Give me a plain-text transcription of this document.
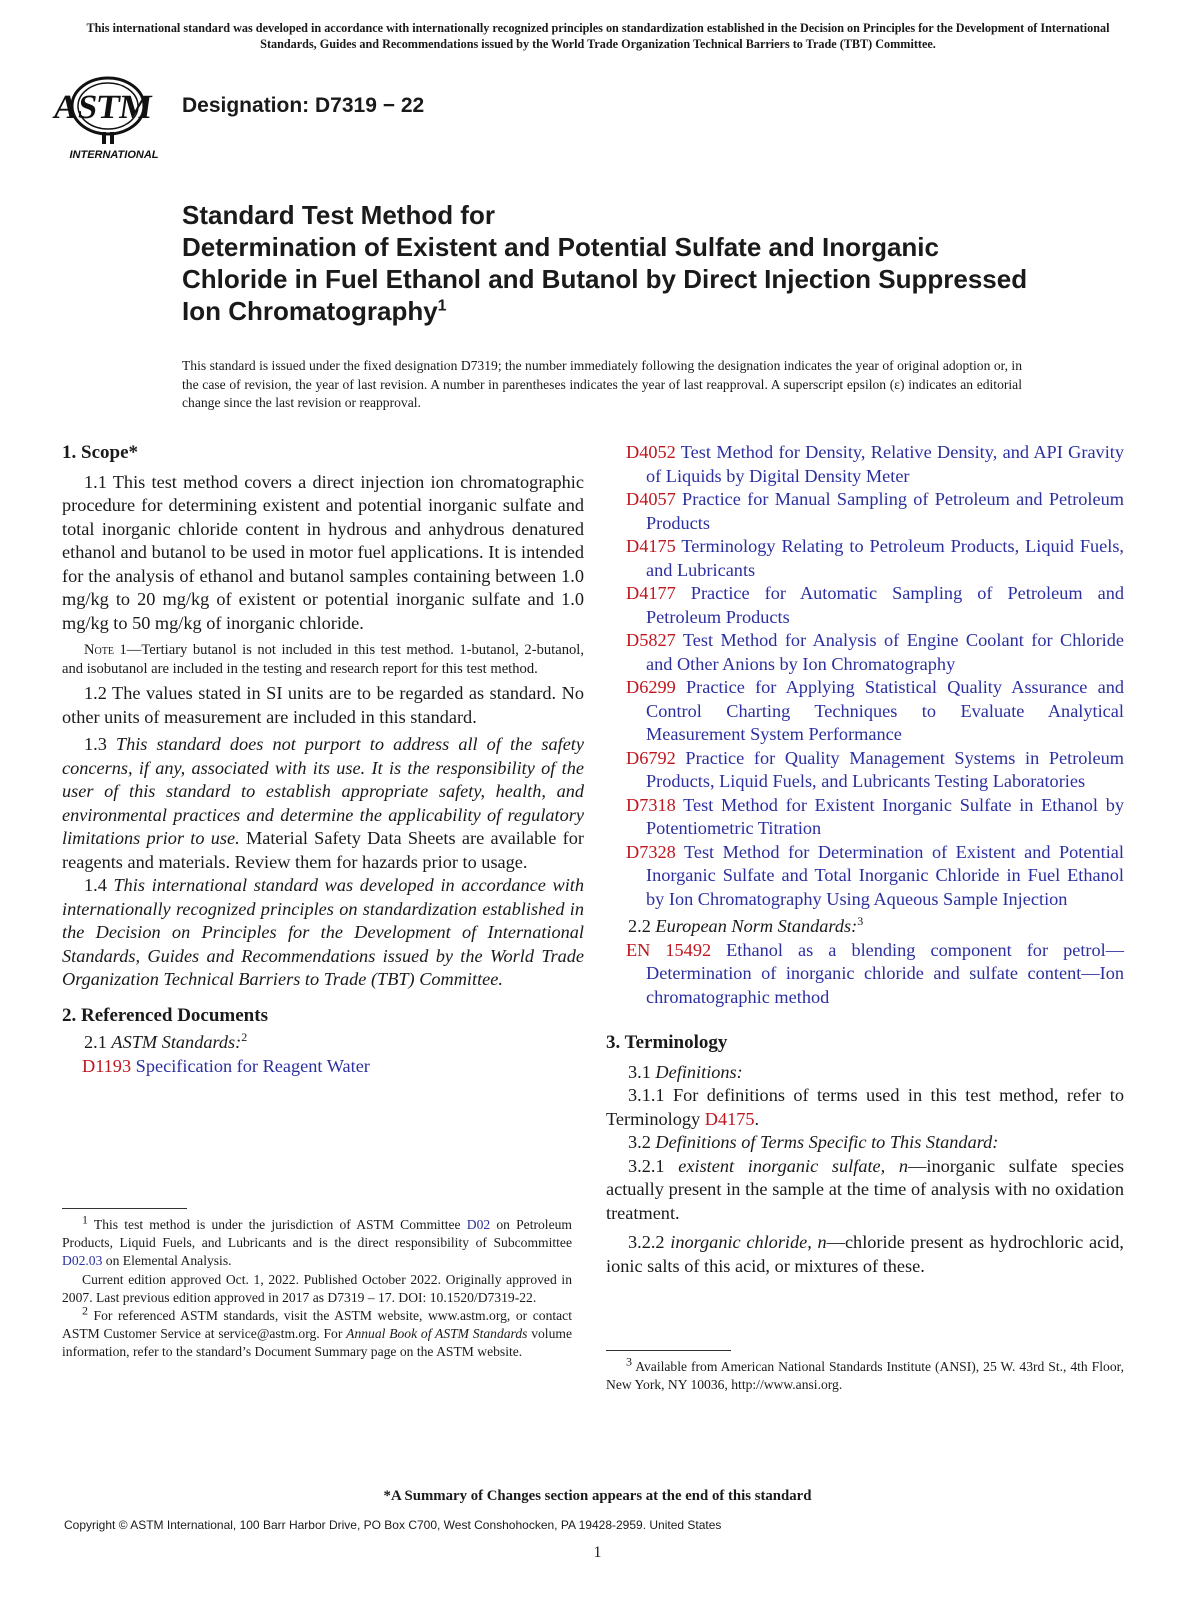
This international standard was developed in accordance with internationally recognized principles on standardization established in the Decision on Principles for the Development of International Standards, Guides and Recommendations issued by the World Trade Organization Technical Barriers to Trade (TBT) Committee.
ASTM
INTERNATIONAL
Designation: D7319 − 22
Standard Test Method for
Determination of Existent and Potential Sulfate and Inorganic Chloride in Fuel Ethanol and Butanol by Direct Injection Suppressed Ion Chromatography$^1$
This standard is issued under the fixed designation D7319; the number immediately following the designation indicates the year of original adoption or, in the case of revision, the year of last revision. A number in parentheses indicates the year of last reapproval. A superscript epsilon (ε) indicates an editorial change since the last revision or reapproval.
1. Scope*

1.1 This test method covers a direct injection ion chromatographic procedure for determining existent and potential inorganic sulfate and total inorganic chloride content in hydrous and anhydrous denatured ethanol and butanol to be used in motor fuel applications. It is intended for the analysis of ethanol and butanol samples containing between 1.0 mg/kg to 20 mg/kg of existent or potential inorganic sulfate and 1.0 mg/kg to 50 mg/kg of inorganic chloride.

Note 1—Tertiary butanol is not included in this test method. 1-butanol, 2-butanol, and isobutanol are included in the testing and research report for this test method.

1.2 The values stated in SI units are to be regarded as standard. No other units of measurement are included in this standard.

1.3 This standard does not purport to address all of the safety concerns, if any, associated with its use. It is the responsibility of the user of this standard to establish appropriate safety, health, and environmental practices and determine the applicability of regulatory limitations prior to use. Material Safety Data Sheets are available for reagents and materials. Review them for hazards prior to usage.

1.4 This international standard was developed in accordance with internationally recognized principles on standardization established in the Decision on Principles for the Development of International Standards, Guides and Recommendations issued by the World Trade Organization Technical Barriers to Trade (TBT) Committee.

2. Referenced Documents

2.1 ASTM Standards:$^2$

D1193 Specification for Reagent Water

$^1$ This test method is under the jurisdiction of ASTM Committee D02 on Petroleum Products, Liquid Fuels, and Lubricants and is the direct responsibility of Subcommittee D02.03 on Elemental Analysis.

Current edition approved Oct. 1, 2022. Published October 2022. Originally approved in 2007. Last previous edition approved in 2017 as D7319 – 17. DOI: 10.1520/D7319-22.

$^2$ For referenced ASTM standards, visit the ASTM website, www.astm.org, or contact ASTM Customer Service at service@astm.org. For Annual Book of ASTM Standards volume information, refer to the standard’s Document Summary page on the ASTM website.

D4052 Test Method for Density, Relative Density, and API Gravity of Liquids by Digital Density Meter

D4057 Practice for Manual Sampling of Petroleum and Petroleum Products

D4175 Terminology Relating to Petroleum Products, Liquid Fuels, and Lubricants

D4177 Practice for Automatic Sampling of Petroleum and Petroleum Products

D5827 Test Method for Analysis of Engine Coolant for Chloride and Other Anions by Ion Chromatography

D6299 Practice for Applying Statistical Quality Assurance and Control Charting Techniques to Evaluate Analytical Measurement System Performance

D6792 Practice for Quality Management Systems in Petroleum Products, Liquid Fuels, and Lubricants Testing Laboratories

D7318 Test Method for Existent Inorganic Sulfate in Ethanol by Potentiometric Titration

D7328 Test Method for Determination of Existent and Potential Inorganic Sulfate and Total Inorganic Chloride in Fuel Ethanol by Ion Chromatography Using Aqueous Sample Injection

2.2 European Norm Standards:$^3$

EN 15492 Ethanol as a blending component for petrol—Determination of inorganic chloride and sulfate content—Ion chromatographic method

3. Terminology

3.1 Definitions:

3.1.1 For definitions of terms used in this test method, refer to Terminology D4175.

3.2 Definitions of Terms Specific to This Standard:

3.2.1 existent inorganic sulfate, n—inorganic sulfate species actually present in the sample at the time of analysis with no oxidation treatment.

3.2.2 inorganic chloride, n—chloride present as hydrochloric acid, ionic salts of this acid, or mixtures of these.

$^3$ Available from American National Standards Institute (ANSI), 25 W. 43rd St., 4th Floor, New York, NY 10036, http://www.ansi.org.

*A Summary of Changes section appears at the end of this standard
Copyright © ASTM International, 100 Barr Harbor Drive, PO Box C700, West Conshohocken, PA 19428-2959. United States
1
